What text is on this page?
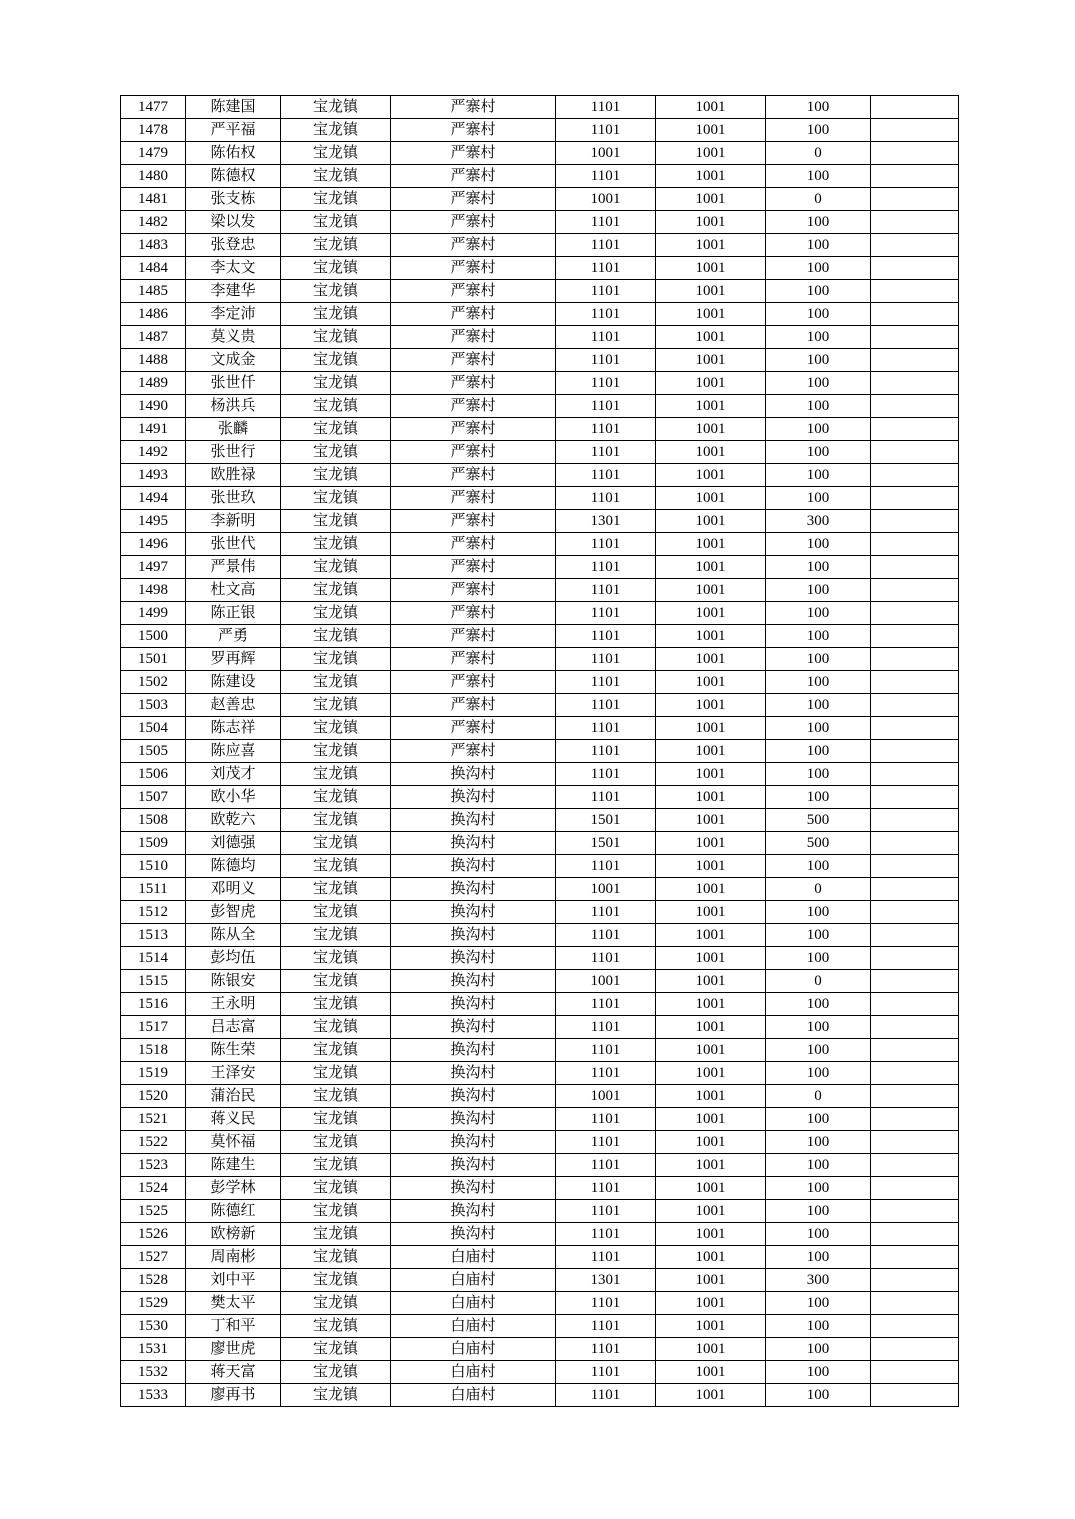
1477	陈建国	宝龙镇	严寨村	1101	1001	100	
1478	严平福	宝龙镇	严寨村	1101	1001	100	
1479	陈佑权	宝龙镇	严寨村	1001	1001	0	
1480	陈德权	宝龙镇	严寨村	1101	1001	100	
1481	张支栋	宝龙镇	严寨村	1001	1001	0	
1482	梁以发	宝龙镇	严寨村	1101	1001	100	
1483	张登忠	宝龙镇	严寨村	1101	1001	100	
1484	李太文	宝龙镇	严寨村	1101	1001	100	
1485	李建华	宝龙镇	严寨村	1101	1001	100	
1486	李定沛	宝龙镇	严寨村	1101	1001	100	
1487	莫义贵	宝龙镇	严寨村	1101	1001	100	
1488	文成金	宝龙镇	严寨村	1101	1001	100	
1489	张世仟	宝龙镇	严寨村	1101	1001	100	
1490	杨洪兵	宝龙镇	严寨村	1101	1001	100	
1491	张麟	宝龙镇	严寨村	1101	1001	100	
1492	张世行	宝龙镇	严寨村	1101	1001	100	
1493	欧胜禄	宝龙镇	严寨村	1101	1001	100	
1494	张世玖	宝龙镇	严寨村	1101	1001	100	
1495	李新明	宝龙镇	严寨村	1301	1001	300	
1496	张世代	宝龙镇	严寨村	1101	1001	100	
1497	严景伟	宝龙镇	严寨村	1101	1001	100	
1498	杜文高	宝龙镇	严寨村	1101	1001	100	
1499	陈正银	宝龙镇	严寨村	1101	1001	100	
1500	严勇	宝龙镇	严寨村	1101	1001	100	
1501	罗再辉	宝龙镇	严寨村	1101	1001	100	
1502	陈建设	宝龙镇	严寨村	1101	1001	100	
1503	赵善忠	宝龙镇	严寨村	1101	1001	100	
1504	陈志祥	宝龙镇	严寨村	1101	1001	100	
1505	陈应喜	宝龙镇	严寨村	1101	1001	100	
1506	刘茂才	宝龙镇	换沟村	1101	1001	100	
1507	欧小华	宝龙镇	换沟村	1101	1001	100	
1508	欧乾六	宝龙镇	换沟村	1501	1001	500	
1509	刘德强	宝龙镇	换沟村	1501	1001	500	
1510	陈德均	宝龙镇	换沟村	1101	1001	100	
1511	邓明义	宝龙镇	换沟村	1001	1001	0	
1512	彭智虎	宝龙镇	换沟村	1101	1001	100	
1513	陈从全	宝龙镇	换沟村	1101	1001	100	
1514	彭均伍	宝龙镇	换沟村	1101	1001	100	
1515	陈银安	宝龙镇	换沟村	1001	1001	0	
1516	王永明	宝龙镇	换沟村	1101	1001	100	
1517	吕志富	宝龙镇	换沟村	1101	1001	100	
1518	陈生荣	宝龙镇	换沟村	1101	1001	100	
1519	王泽安	宝龙镇	换沟村	1101	1001	100	
1520	蒲治民	宝龙镇	换沟村	1001	1001	0	
1521	蒋义民	宝龙镇	换沟村	1101	1001	100	
1522	莫怀福	宝龙镇	换沟村	1101	1001	100	
1523	陈建生	宝龙镇	换沟村	1101	1001	100	
1524	彭学林	宝龙镇	换沟村	1101	1001	100	
1525	陈德红	宝龙镇	换沟村	1101	1001	100	
1526	欧榜新	宝龙镇	换沟村	1101	1001	100	
1527	周南彬	宝龙镇	白庙村	1101	1001	100	
1528	刘中平	宝龙镇	白庙村	1301	1001	300	
1529	樊太平	宝龙镇	白庙村	1101	1001	100	
1530	丁和平	宝龙镇	白庙村	1101	1001	100	
1531	廖世虎	宝龙镇	白庙村	1101	1001	100	
1532	蒋天富	宝龙镇	白庙村	1101	1001	100	
1533	廖再书	宝龙镇	白庙村	1101	1001	100	
